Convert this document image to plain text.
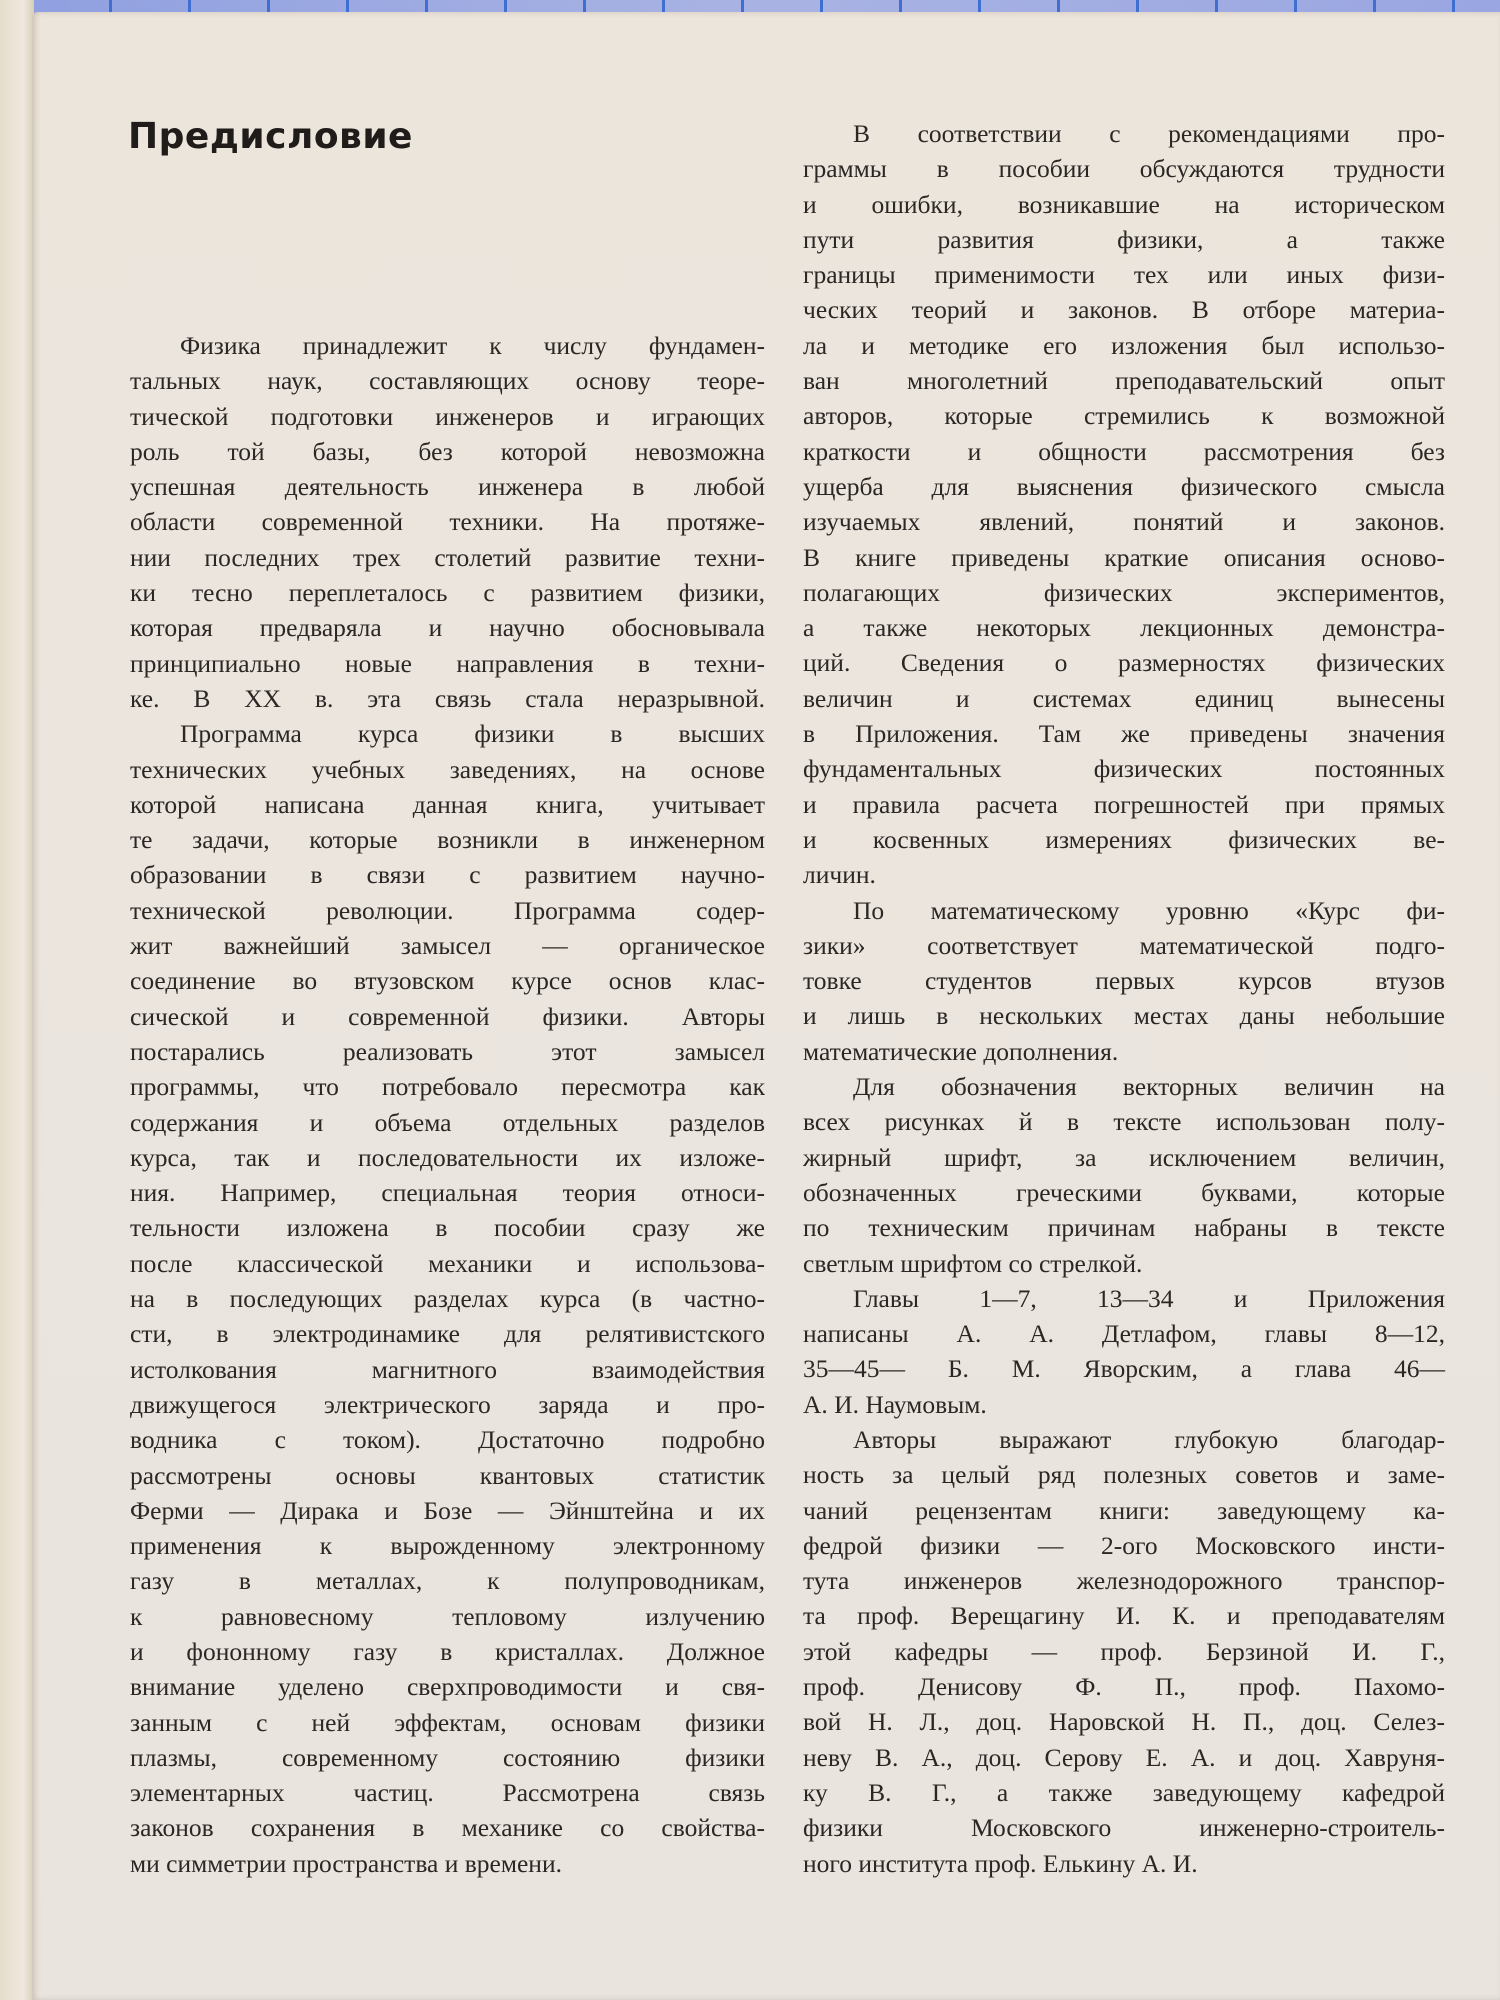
Предисловие
Физика принадлежит к числу фундамен-
тальных наук, составляющих основу теоре-
тической подготовки инженеров и играющих
роль той базы, без которой невозможна
успешная деятельность инженера в любой
области современной техники. На протяже-
нии последних трех столетий развитие техни-
ки тесно переплеталось с развитием физики,
которая предваряла и научно обосновывала
принципиально новые направления в техни-
ке. В XX в. эта связь стала неразрывной.
Программа курса физики в высших
технических учебных заведениях, на основе
которой написана данная книга, учитывает
те задачи, которые возникли в инженерном
образовании в связи с развитием научно-
технической революции. Программа содер-
жит важнейший замысел — органическое
соединение во втузовском курсе основ клас-
сической и современной физики. Авторы
постарались реализовать этот замысел
программы, что потребовало пересмотра как
содержания и объема отдельных разделов
курса, так и последовательности их изложе-
ния. Например, специальная теория относи-
тельности изложена в пособии сразу же
после классической механики и использова-
на в последующих разделах курса (в частно-
сти, в электродинамике для релятивистского
истолкования магнитного взаимодействия
движущегося электрического заряда и про-
водника с током). Достаточно подробно
рассмотрены основы квантовых статистик
Ферми — Дирака и Бозе — Эйнштейна и их
применения к вырожденному электронному
газу в металлах, к полупроводникам,
к равновесному тепловому излучению
и фононному газу в кристаллах. Должное
внимание уделено сверхпроводимости и свя-
занным с ней эффектам, основам физики
плазмы, современному состоянию физики
элементарных частиц. Рассмотрена связь
законов сохранения в механике со свойства-
ми симметрии пространства и времени.
В соответствии с рекомендациями про-
граммы в пособии обсуждаются трудности
и ошибки, возникавшие на историческом
пути развития физики, а также
границы применимости тех или иных физи-
ческих теорий и законов. В отборе материа-
ла и методике его изложения был использо-
ван многолетний преподавательский опыт
авторов, которые стремились к возможной
краткости и общности рассмотрения без
ущерба для выяснения физического смысла
изучаемых явлений, понятий и законов.
В книге приведены краткие описания осново-
полагающих физических экспериментов,
а также некоторых лекционных демонстра-
ций. Сведения о размерностях физических
величин и системах единиц вынесены
в Приложения. Там же приведены значения
фундаментальных физических постоянных
и правила расчета погрешностей при прямых
и косвенных измерениях физических ве-
личин.
По математическому уровню «Курс фи-
зики» соответствует математической подго-
товке студентов первых курсов втузов
и лишь в нескольких местах даны небольшие
математические дополнения.
Для обозначения векторных величин на
всех рисунках й в тексте использован полу-
жирный шрифт, за исключением величин,
обозначенных греческими буквами, которые
по техническим причинам набраны в тексте
светлым шрифтом со стрелкой.
Главы 1—7, 13—34 и Приложения
написаны А. А. Детлафом, главы 8—12,
35—45— Б. М. Яворским, а глава 46—
А. И. Наумовым.
Авторы выражают глубокую благодар-
ность за целый ряд полезных советов и заме-
чаний рецензентам книги: заведующему ка-
федрой физики — 2-ого Московского инсти-
тута инженеров железнодорожного транспор-
та проф. Верещагину И. К. и преподавателям
этой кафедры — проф. Берзиной И. Г.,
проф. Денисову Ф. П., проф. Пахомо-
вой Н. Л., доц. Наровской Н. П., доц. Селез-
неву В. А., доц. Серову Е. А. и доц. Хавруня-
ку В. Г., а также заведующему кафедрой
физики Московского инженерно-строитель-
ного института проф. Елькину А. И.
